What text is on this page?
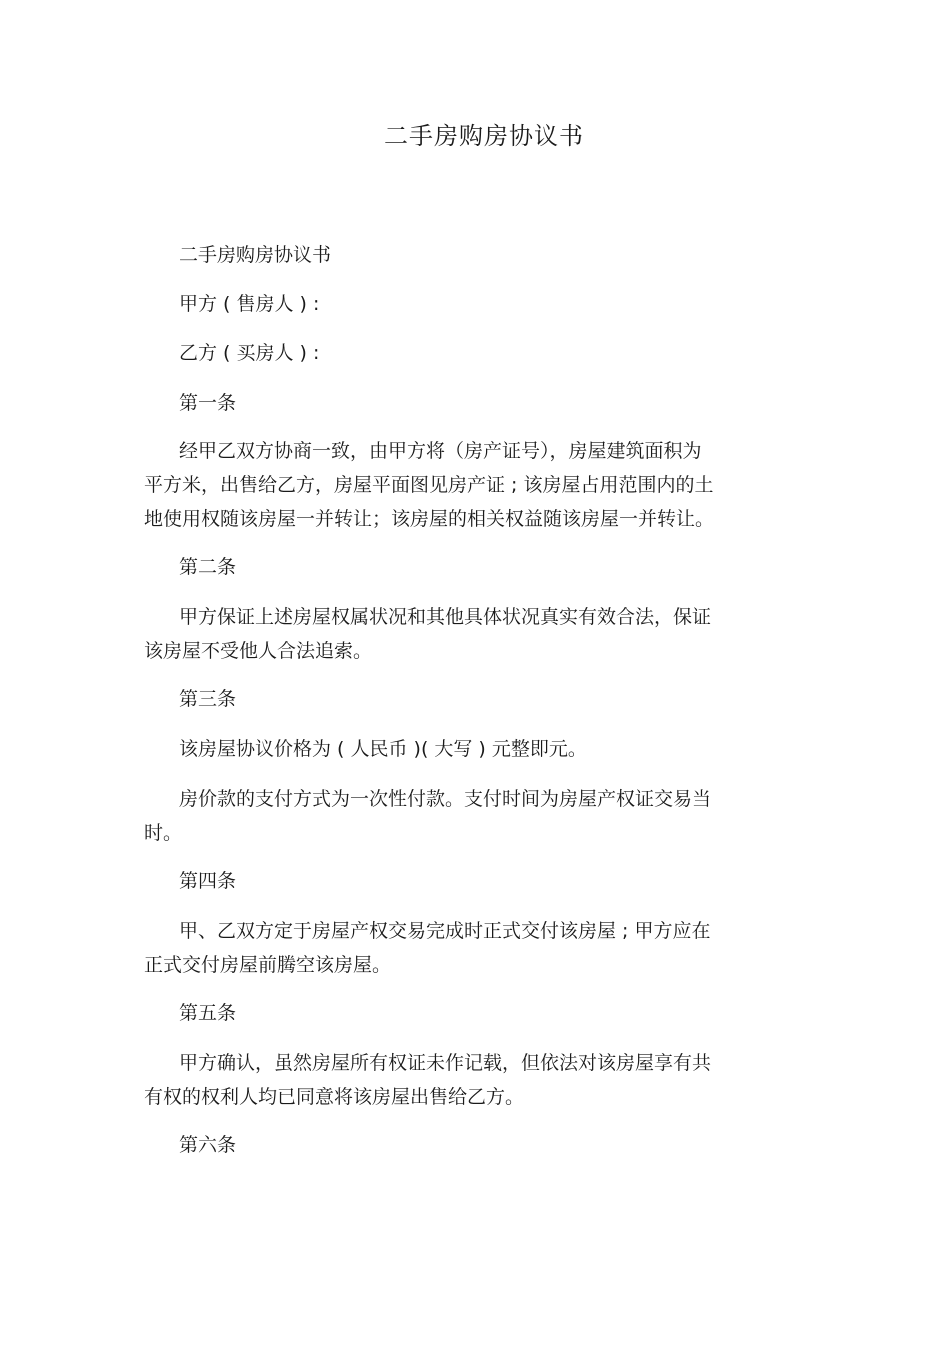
二手房购房协议书
二手房购房协议书
甲方 ( 售房人 ) :
乙方 ( 买房人 ) :
第一条
经甲乙双方协商一致，由甲方将（房产证号），房屋建筑面积为
平方米，出售给乙方，房屋平面图见房产证 ; 该房屋占用范围内的土
地使用权随该房屋一并转让；该房屋的相关权益随该房屋一并转让。
第二条
甲方保证上述房屋权属状况和其他具体状况真实有效合法，保证
该房屋不受他人合法追索。
第三条
该房屋协议价格为 ( 人民币 )( 大写 ) 元整即元。
房价款的支付方式为一次性付款。支付时间为房屋产权证交易当
时。
第四条
甲、乙双方定于房屋产权交易完成时正式交付该房屋 ; 甲方应在
正式交付房屋前腾空该房屋。
第五条
甲方确认，虽然房屋所有权证未作记载，但依法对该房屋享有共
有权的权利人均已同意将该房屋出售给乙方。
第六条
